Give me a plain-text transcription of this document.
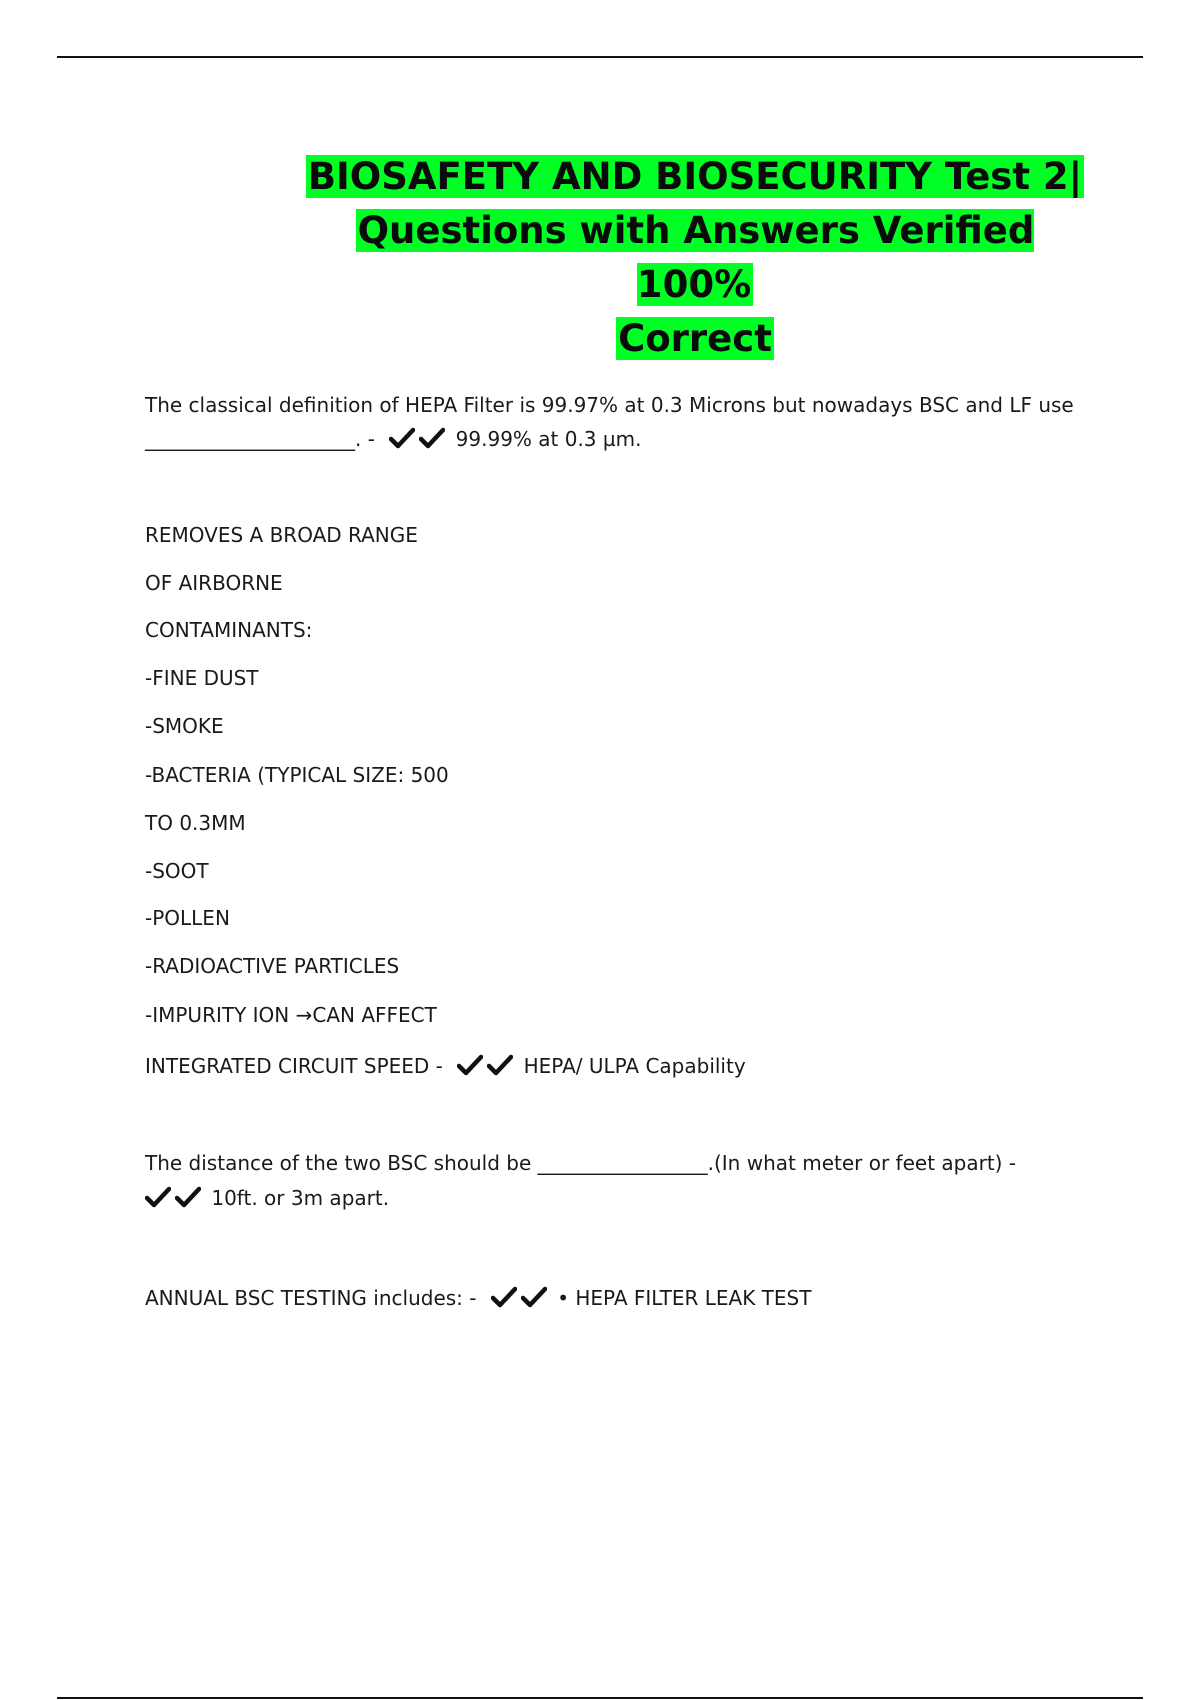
BIOSAFETY AND BIOSECURITY Test 2|
Questions with Answers Verified 100%
Correct
The classical definition of HEPA Filter is 99.97% at 0.3 Microns but nowadays BSC and LF use
_____________________. -	99.99% at 0.3 µm.
REMOVES A BROAD RANGE
OF AIRBORNE
CONTAMINANTS:
-FINE DUST
-SMOKE
-BACTERIA (TYPICAL SIZE: 500
TO 0.3MM
-SOOT
-POLLEN
-RADIOACTIVE PARTICLES
-IMPURITY ION →CAN AFFECT
INTEGRATED CIRCUIT SPEED -	HEPA/ ULPA Capability
The distance of the two BSC should be _________________.(In what meter or feet apart) -
10ft. or 3m apart.
ANNUAL BSC TESTING includes: -	• HEPA FILTER LEAK TEST
